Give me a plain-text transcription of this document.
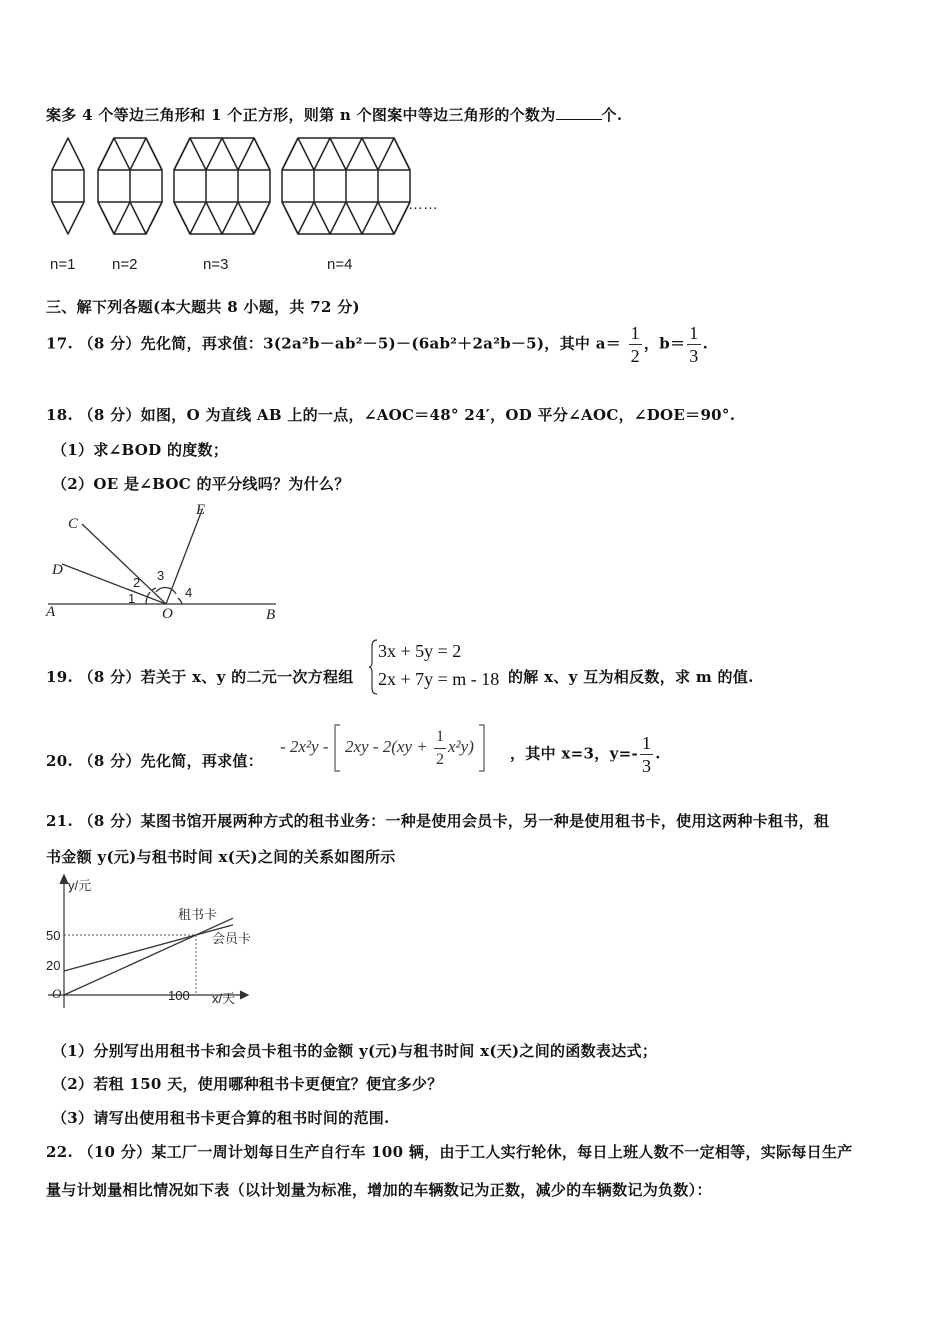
案多 4 个等边三角形和 1 个正方形，则第 n 个图案中等边三角形的个数为	个.
……
n=1 n=2	n=3	n=4
三、解下列各题(本大题共 8 小题，共 72 分)
17. （8 分）先化简，再求值：3(2a²b－ab²－5)－(6ab²＋2a²b－5)，其中 $a= \frac{1}{2}$ ，$b= \frac{1}{3}$ .
18. （8 分）如图，O 为直线 AB 上的一点，∠AOC＝48° 24′，OD 平分∠AOC，∠DOE＝90°.
（1）求∠BOD 的度数；
（2）OE 是∠BOC 的平分线吗？为什么？
C
D
E
A	O	B
1
2 3
4
19. （8 分）若关于 x、y 的二元一次方程组
3x + 5y = 2
2x + 7y = m - 18 的解 x、y 互为相反数，求 m 的值.
20. （8 分）先化简，再求值：
- $2x^2y - 2xy - 2(xy + \frac{1}{2} x^2y)$	，其中 x=3，$y=- \frac{1}{3}$ .
21. （8 分）某图书馆开展两种方式的租书业务：一种是使用会员卡，另一种是使用租书卡，使用这两种卡租书，租
书金额 y(元)与租书时间 x(天)之间的关系如图所示
y/元
x/天
O
50
20
100
租书卡
会员卡
（1）分别写出用租书卡和会员卡租书的金额 y(元)与租书时间 x(天)之间的函数表达式；
（2）若租 150 天，使用哪种租书卡更便宜？便宜多少？
（3）请写出使用租书卡更合算的租书时间的范围.
22. （10 分）某工厂一周计划每日生产自行车 100 辆，由于工人实行轮休，每日上班人数不一定相等，实际每日生产
量与计划量相比情况如下表（以计划量为标准，增加的车辆数记为正数，减少的车辆数记为负数）：
